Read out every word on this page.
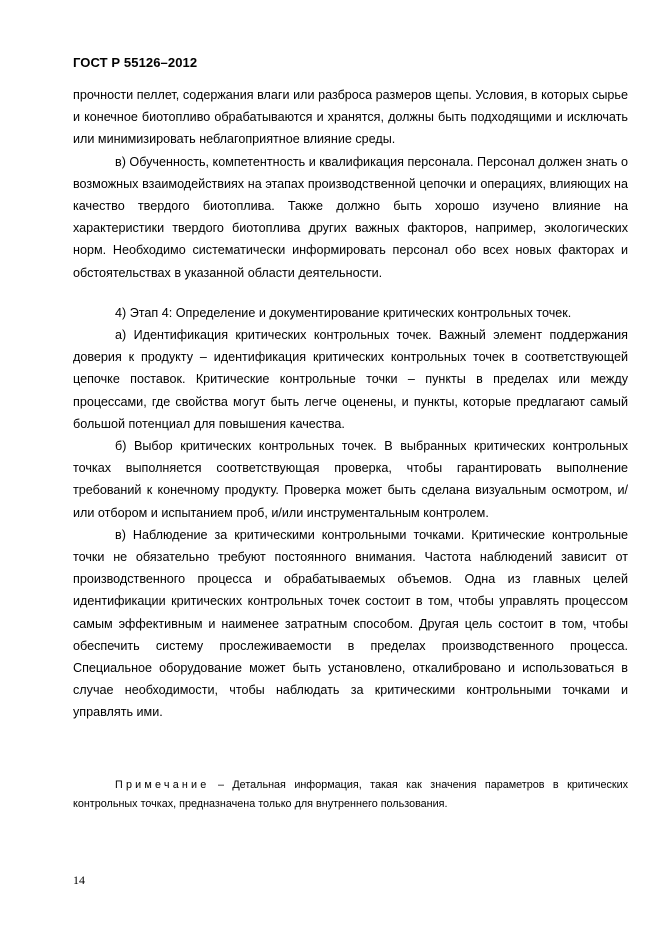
ГОСТ Р 55126–2012

прочности пеллет, содержания влаги или разброса размеров щепы. Условия, в которых сырье и конечное биотопливо обрабатываются и хранятся, должны быть подходящими и исключать или минимизировать неблагоприятное влияние среды.

в) Обученность, компетентность и квалификация персонала. Персонал должен знать о возможных взаимодействиях на этапах производственной цепочки и операциях, влияющих на качество твердого биотоплива. Также должно быть хорошо изучено влияние на характеристики твердого биотоплива других важных факторов, например, экологических норм. Необходимо систематически информировать персонал обо всех новых факторах и обстоятельствах в указанной области деятельности.

4) Этап 4: Определение и документирование критических контрольных точек.

а) Идентификация критических контрольных точек. Важный элемент поддержания доверия к продукту – идентификация критических контрольных точек в соответствующей цепочке поставок. Критические контрольные точки – пункты в пределах или между процессами, где свойства могут быть легче оценены, и пункты, которые предлагают самый большой потенциал для повышения качества.

б) Выбор критических контрольных точек. В выбранных критических контрольных точках выполняется соответствующая проверка, чтобы гарантировать выполнение требований к конечному продукту. Проверка может быть сделана визуальным осмотром, и/или отбором и испытанием проб, и/или инструментальным контролем.

в) Наблюдение за критическими контрольными точками. Критические контрольные точки не обязательно требуют постоянного внимания. Частота наблюдений зависит от производственного процесса и обрабатываемых объемов. Одна из главных целей идентификации критических контрольных точек состоит в том, чтобы управлять процессом самым эффективным и наименее затратным способом. Другая цель состоит в том, чтобы обеспечить систему прослеживаемости в пределах производственного процесса. Специальное оборудование может быть установлено, откалибровано и использоваться в случае необходимости, чтобы наблюдать за критическими контрольными точками и управлять ими.

Примечание – Детальная информация, такая как значения параметров в критических контрольных точках, предназначена только для внутреннего пользования.
14
